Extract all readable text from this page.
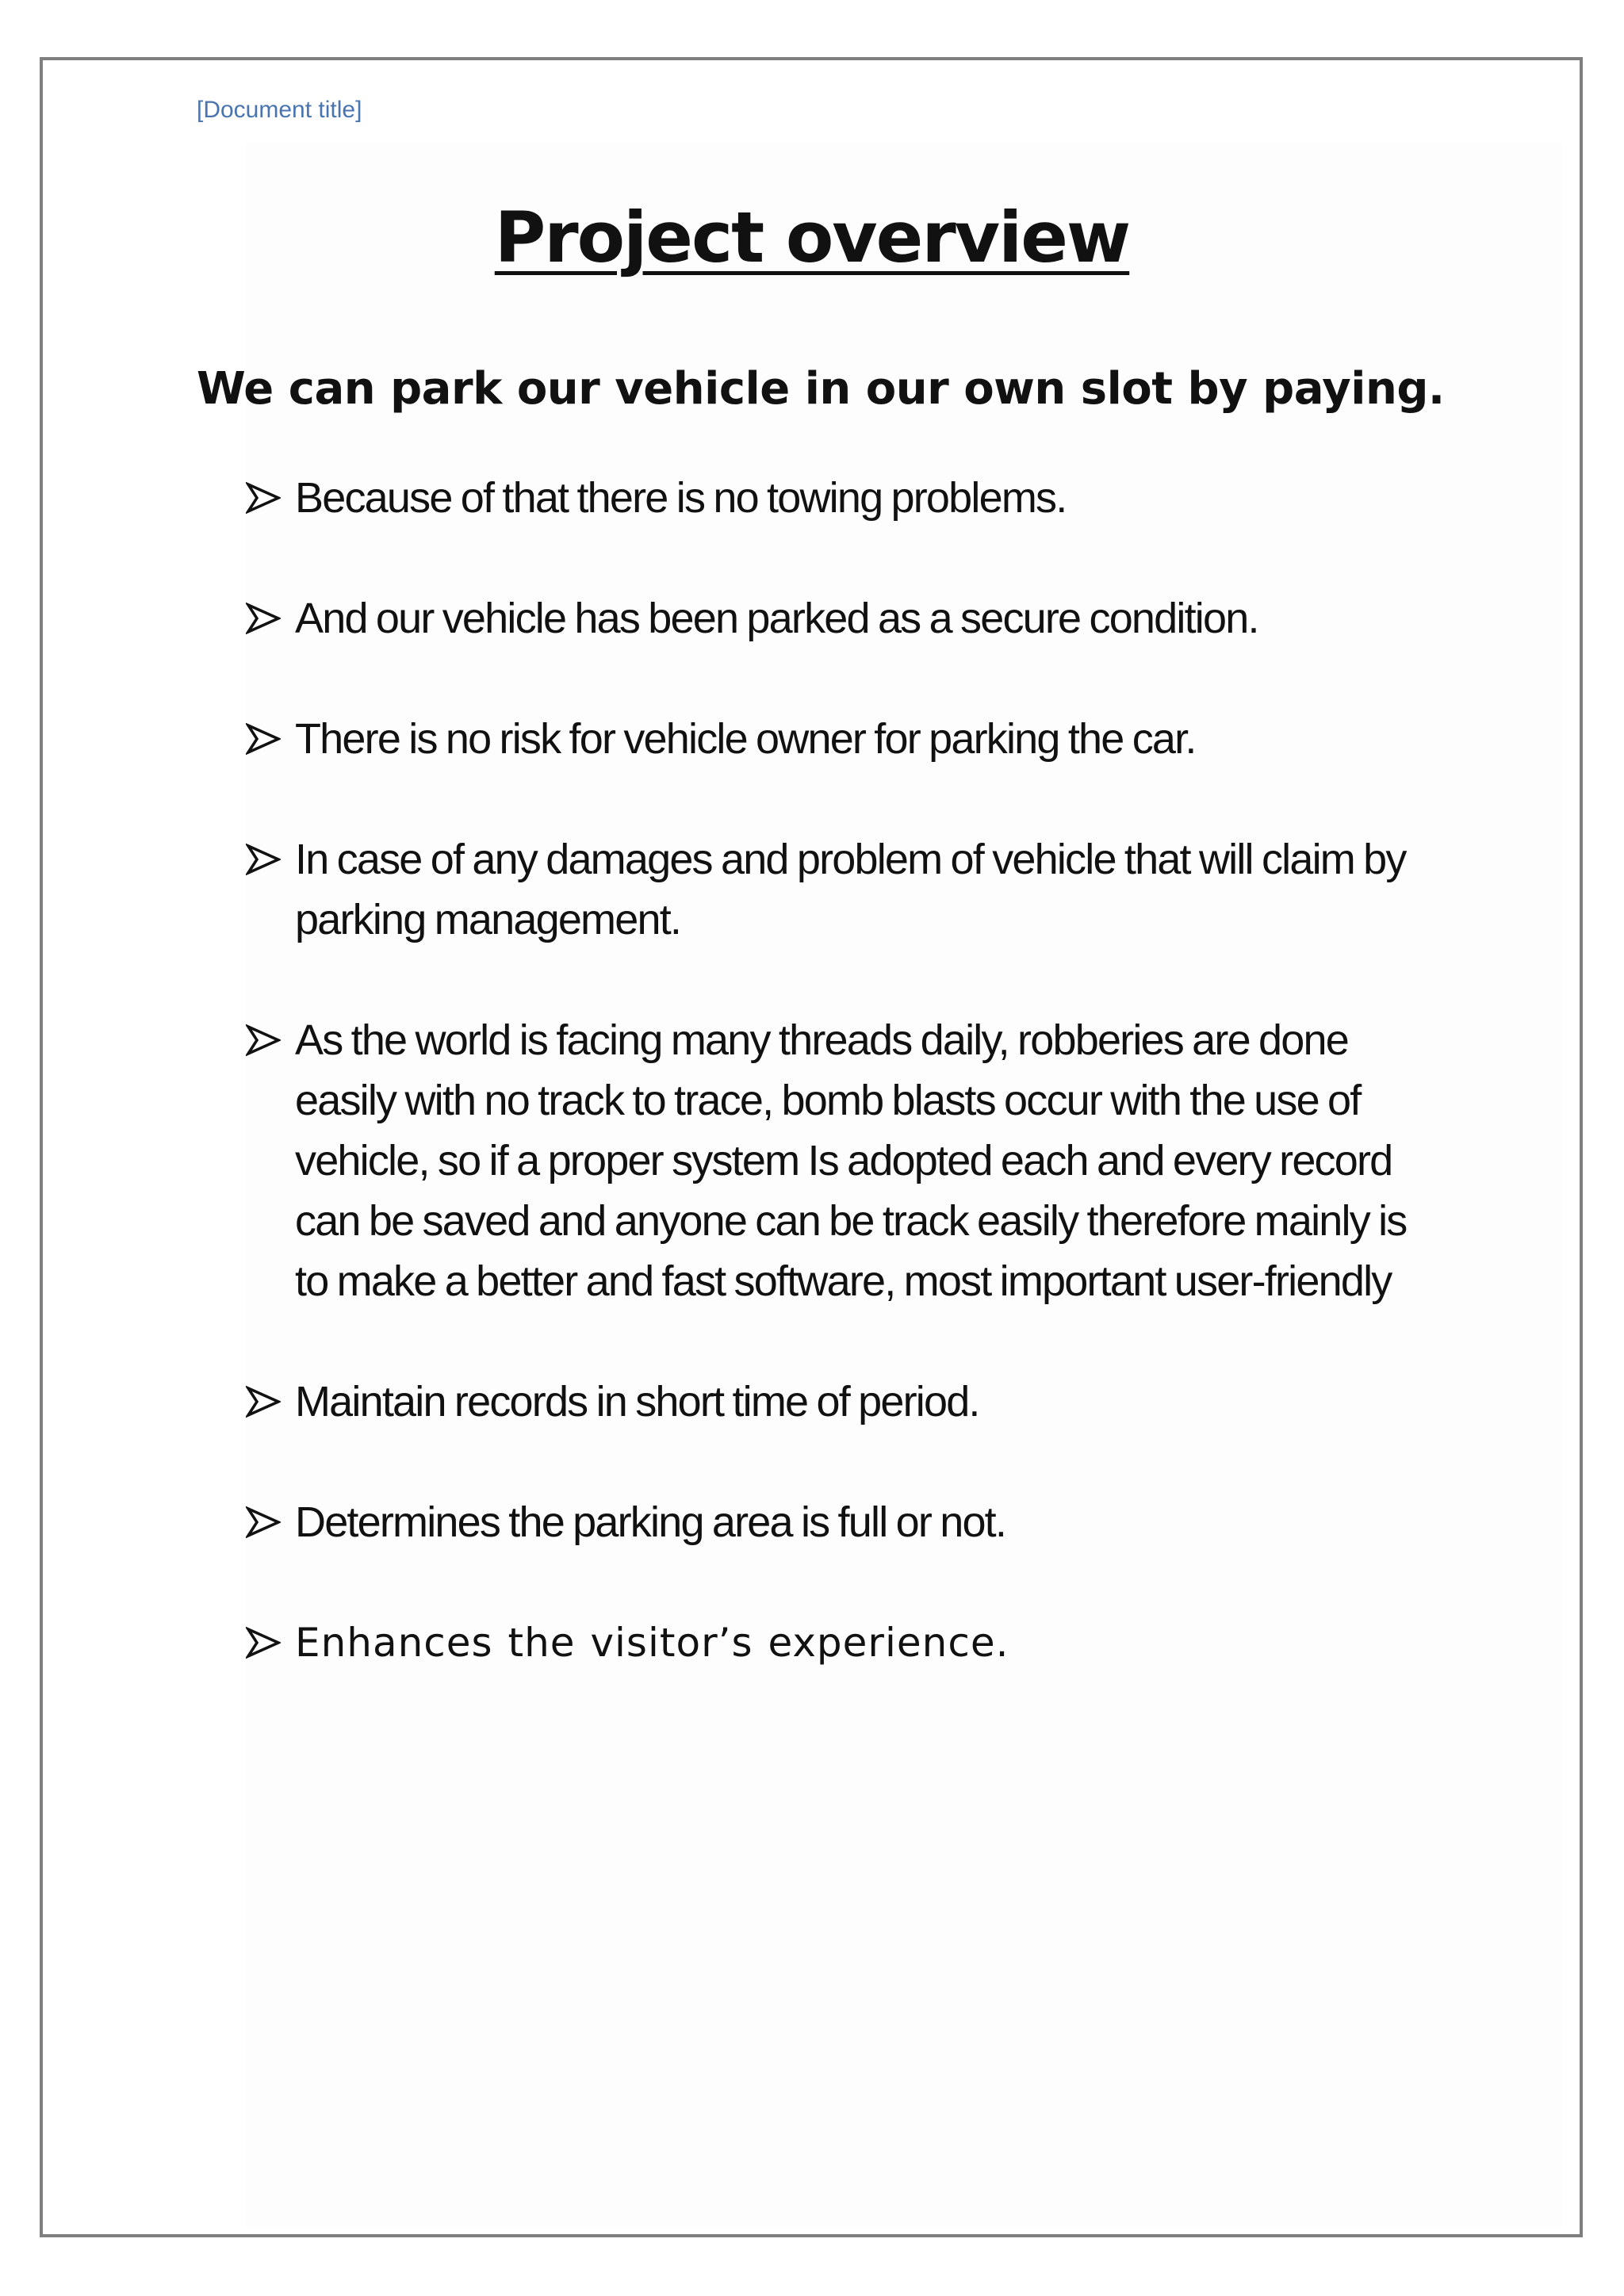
[Document title]

Project overview
We can park our vehicle in our own slot by paying.
Because of that there is no towing problems.
And our vehicle has been parked as a secure condition.
There is no risk for vehicle owner for parking the car.
In case of any damages and problem of vehicle that will claim by parking management.
As the world is facing many threads daily, robberies are done easily with no track to trace, bomb blasts occur with the use of vehicle, so if a proper system Is adopted each and every record can be saved and anyone can be track easily therefore mainly is to make a better and fast software, most important user-friendly
Maintain records in short time of period.
Determines the parking area is full or not.
Enhances the visitor’s experience.
